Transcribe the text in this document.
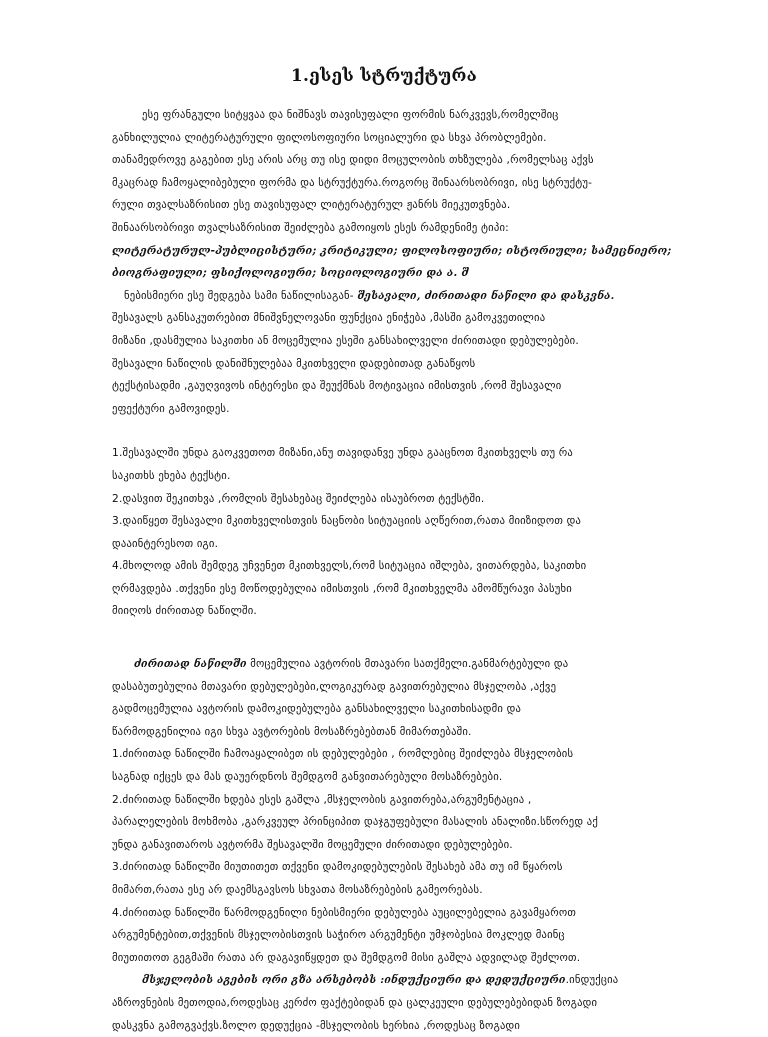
1.ესეს სტრუქტურა
ესე ფრანგული სიტყვაა და ნიშნავს თავისუფალი ფორმის ნარკვევს,რომელშიც
განხილულია ლიტერატურული ფილოსოფიური სოციალური და სხვა პრობლემები.
თანამედროვე გაგებით ესე არის არც თუ ისე დიდი მოცულობის თხზულება ,რომელსაც აქვს
მკაცრად ჩამოყალიბებული ფორმა და სტრუქტურა.როგორც შინაარსობრივი, ისე სტრუქტუ-
რული თვალსაზრისით ესე თავისუფალ ლიტერატურულ ჟანრს მიეკუთვნება.
შინაარსობრივი თვალსაზრისით შეიძლება გამოიყოს ესეს რამდენიმე ტიპი:
ლიტერატურულ-პუბლიცისტური; კრიტიკული; ფილოსოფიური; ისტორიული; სამეცნიერო;
ბიოგრაფიული; ფსიქოლოგიური; სოციოლოგიური და ა. შ
ნებისმიერი ესე შედგება სამი ნაწილისაგან- შესავალი, ძირითადი ნაწილი და დასკვნა.
შესავალს განსაკუთრებით მნიშვნელოვანი ფუნქცია ენიჭება ,მასში გამოკვეთილია
მიზანი ,დასმულია საკითხი ან მოცემულია ესეში განსახილველი ძირითადი დებულებები.
შესავალი ნაწილის დანიშნულებაა მკითხველი დადებითად განაწყოს
ტექსტისადმი ,გაუღვივოს ინტერესი და შეუქმნას მოტივაცია იმისთვის ,რომ შესავალი
ეფექტური გამოვიდეს.
1.შესავალში უნდა გაოკვეთოთ მიზანი,ანუ თავიდანვე უნდა გააცნოთ მკითხველს თუ რა
საკითხს ეხება ტექსტი.
2.დასვით შეკითხვა ,რომლის შესახებაც შეიძლება ისაუბროთ ტექსტში.
3.დაიწყეთ შესავალი მკითხველისთვის ნაცნობი სიტუაციის აღწერით,რათა მიიზიდოთ და
დააინტერესოთ იგი.
4.მხოლოდ ამის შემდეგ უჩვენეთ მკითხველს,რომ სიტუაცია იშლება, ვითარდება, საკითხი
ღრმავდება .თქვენი ესე მოწოდებულია იმისთვის ,რომ მკითხველმა ამომწურავი პასუხი
მიიღოს ძირითად ნაწილში.
ძირითად ნაწილში მოცემულია ავტორის მთავარი სათქმელი.განმარტებული და
დასაბუთებულია მთავარი დებულებები,ლოგიკურად გავითრებულია მსჯელობა ,აქვე
გადმოცემულია ავტორის დამოკიდებულება განსახილველი საკითხისადმი და
წარმოდგენილია იგი სხვა ავტორების მოსაზრებებთან მიმართებაში.
1.ძირითად ნაწილში ჩამოაყალიბეთ ის დებულებები , რომლებიც შეიძლება მსჯელობის
საგნად იქცეს და მას დაუერდნოს შემდგომ განვითარებული მოსაზრებები.
2.ძირითად ნაწილში ხდება ესეს გაშლა ,მსჯელობის გავითრება,არგუმენტაცია ,
პარალელების მოხმობა ,გარკვეულ პრინციპით დაჯგუფებული მასალის ანალიზი.სწორედ აქ
უნდა განავითაროს ავტორმა შესავალში მოცემული ძირითადი დებულებები.
3.ძირითად ნაწილში მიუთითეთ თქვენი დამოკიდებულების შესახებ ამა თუ იმ წყაროს
მიმართ,რათა ესე არ დაემსგავსოს სხვათა მოსაზრებების გამეორებას.
4.ძირითად ნაწილში წარმოდგენილი ნებისმიერი დებულება აუცილებელია გავამყაროთ
არგუმენტებით,თქვენის მსჯელობისთვის საჭირო არგუმენტი უმჯობესია მოკლედ მაინც
მიუთითოთ გეგმაში რათა არ დაგავიწყდეთ და შემდგომ მისი გაშლა ადვილად შეძლოთ.
მსჯელობის აგების ორი გზა არსებობს :ინდუქციური და დედუქციური.ინდუქცია
აზროვნების მეთოდია,როდესაც კერძო ფაქტებიდან და ცალკეული დებულებებიდან ზოგადი
დასკვნა გამოგვაქვს.ზოლო დედუქცია -მსჯელობის ხერხია ,როდესაც ზოგადი
